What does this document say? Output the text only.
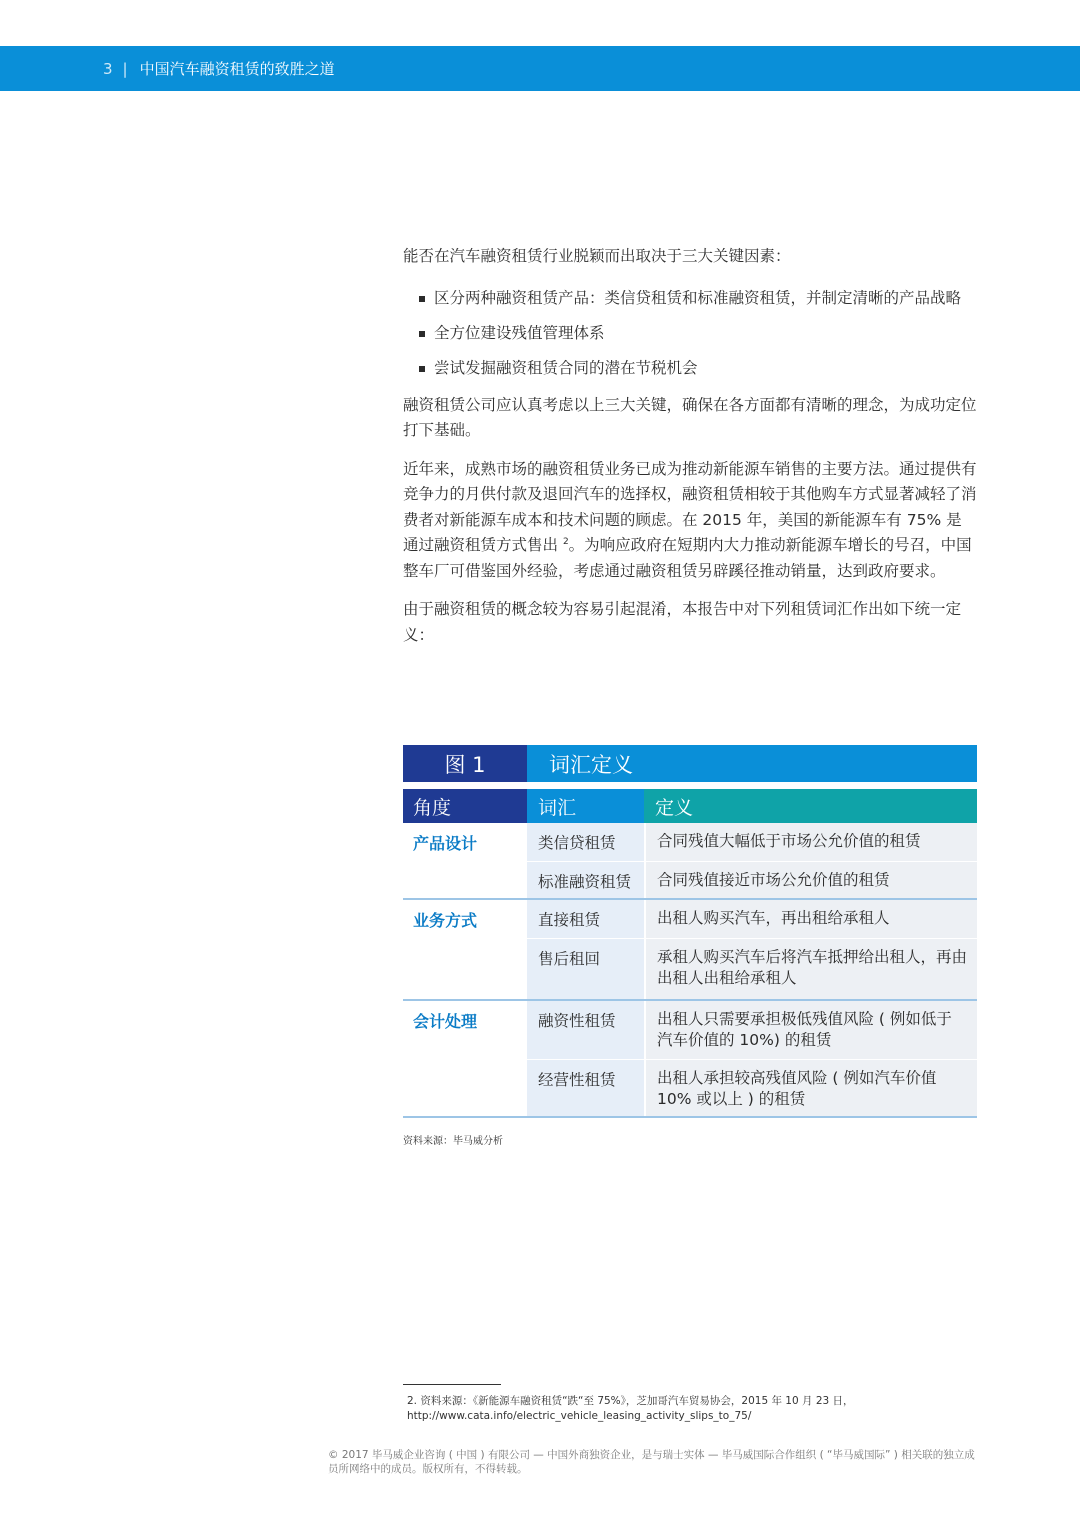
3 | 中国汽车融资租赁的致胜之道

能否在汽车融资租赁行业脱颖而出取决于三大关键因素：

区分两种融资租赁产品：类信贷租赁和标准融资租赁，并制定清晰的产品战略
全方位建设残值管理体系
尝试发掘融资租赁合同的潜在节税机会

融资租赁公司应认真考虑以上三大关键，确保在各方面都有清晰的理念，为成功定位打下基础。

近年来，成熟市场的融资租赁业务已成为推动新能源车销售的主要方法。通过提供有竞争力的月供付款及退回汽车的选择权，融资租赁相较于其他购车方式显著减轻了消费者对新能源车成本和技术问题的顾虑。在 2015 年，美国的新能源车有 75% 是通过融资租赁方式售出 $^2$。为响应政府在短期内大力推动新能源车增长的号召，中国整车厂可借鉴国外经验，考虑通过融资租赁另辟蹊径推动销量，达到政府要求。

由于融资租赁的概念较为容易引起混淆，本报告中对下列租赁词汇作出如下统一定义：

图 1	词汇定义
角度	词汇	定义
产品设计	类信贷租赁	合同残值大幅低于市场公允价值的租赁
标准融资租赁	合同残值接近市场公允价值的租赁
业务方式	直接租赁	出租人购买汽车，再出租给承租人
售后租回	承租人购买汽车后将汽车抵押给出租人，再由出租人出租给承租人
会计处理	融资性租赁	出租人只需要承担极低残值风险 ( 例如低于汽车价值的 10%) 的租赁
经营性租赁	出租人承担较高残值风险 ( 例如汽车价值 10% 或以上 ) 的租赁
资料来源：毕马威分析
2. 资料来源：《新能源车融资租赁“跌“至 75%》，芝加哥汽车贸易协会，2015 年 10 月 23 日，http://www.cata.info/electric_vehicle_leasing_activity_slips_to_75/
© 2017 毕马威企业咨询 ( 中国 ) 有限公司 — 中国外商独资企业，是与瑞士实体 — 毕马威国际合作组织 ( “毕马威国际” ) 相关联的独立成员所网络中的成员。版权所有，不得转载。
